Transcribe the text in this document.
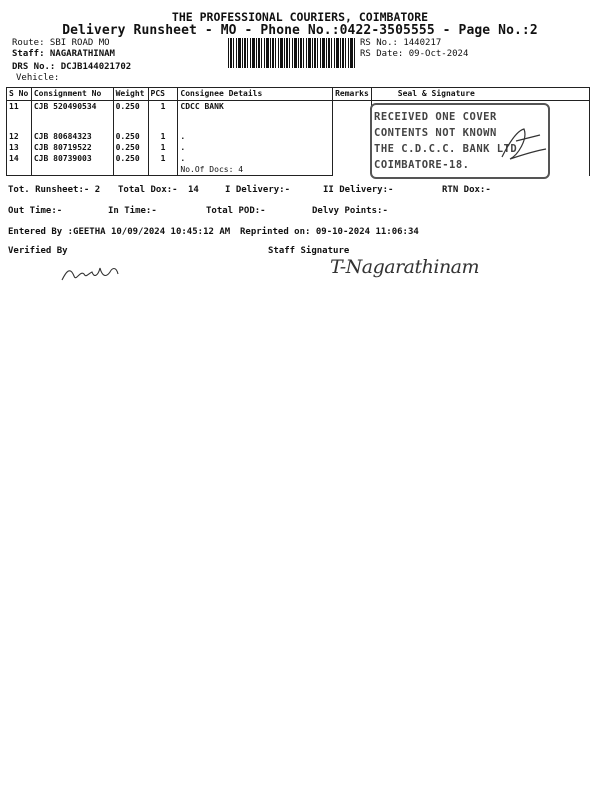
THE PROFESSIONAL COURIERS, COIMBATORE
Delivery Runsheet - MO - Phone No.:0422-3505555 - Page No.:2
Route: SBI ROAD MO
Staff: NAGARATHINAM
DRS No.: DCJB144021702
Vehicle:
RS No.: 1440217
RS Date: 09-Oct-2024
S No	Consignment No	Weight	PCS	Consignee Details	Remarks	Seal & Signature
11	CJB 520490534	0.250	1	CDCC BANK		
12	CJB 80684323	0.250	1	.		
13	CJB 80719522	0.250	1	.		
14	CJB 80739003	0.250	1	.		
				No.Of Docs: 4		
RECEIVED ONE COVER
CONTENTS NOT KNOWN
THE C.D.C.C. BANK LTD
COIMBATORE-18.
Tot. Runsheet:- 2 Total Dox:- 14	I Delivery:-	II Delivery:-	RTN Dox:-
Out Time:-	In Time:-	Total POD:-	Delvy Points:-
Entered By :GEETHA 10/09/2024 10:45:12 AM Reprinted on: 09-10-2024 11:06:34
Verified By	Staff Signature
T-Nagarathinam
